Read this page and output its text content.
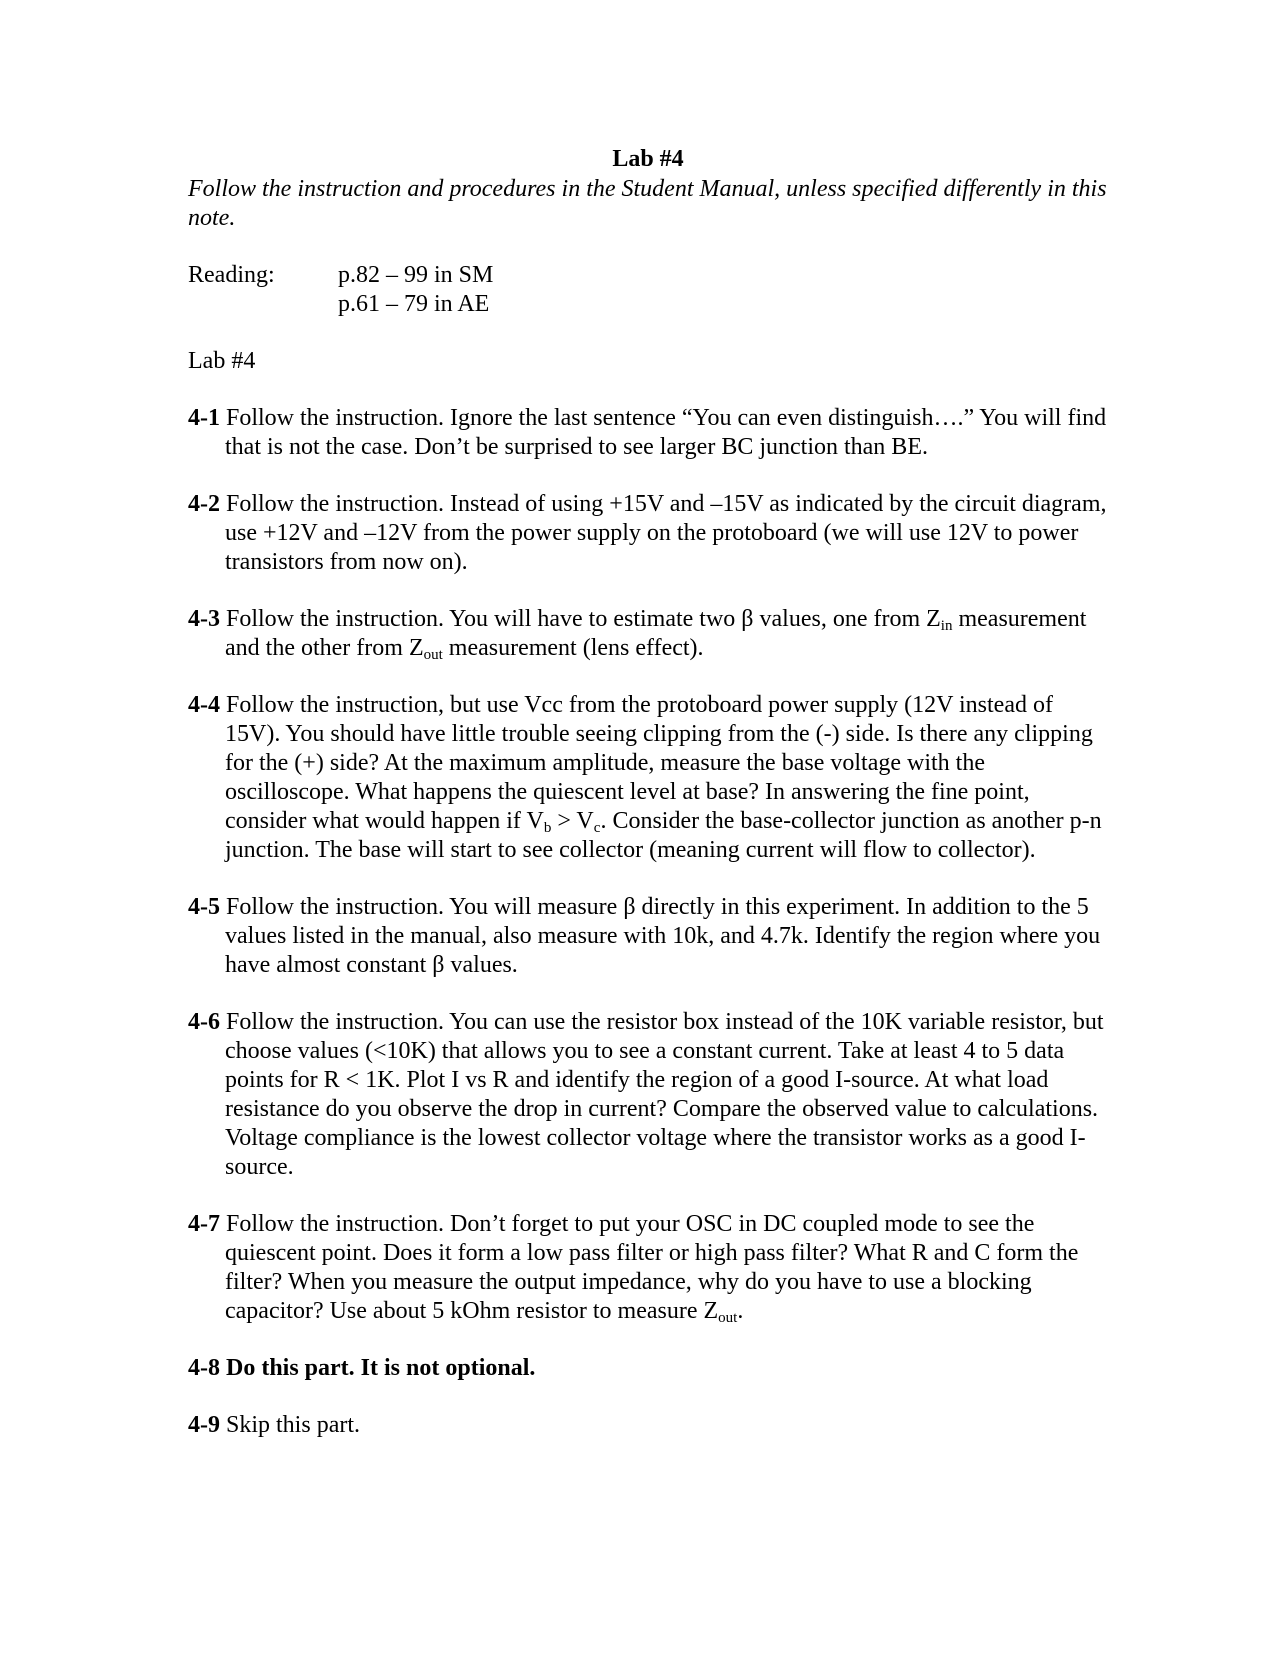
Lab #4
Follow the instruction and procedures in the Student Manual, unless specified differently in this note.
Reading:	p.82 – 99 in SM
p.61 – 79 in AE
Lab #4
4-1 Follow the instruction. Ignore the last sentence “You can even distinguish….” You will find that is not the case. Don’t be surprised to see larger BC junction than BE.
4-2 Follow the instruction. Instead of using +15V and –15V as indicated by the circuit diagram, use +12V and –12V from the power supply on the protoboard (we will use 12V to power transistors from now on).
4-3 Follow the instruction. You will have to estimate two β values, one from $Z_{in}$ measurement and the other from $Z_{out}$ measurement (lens effect).
4-4 Follow the instruction, but use Vcc from the protoboard power supply (12V instead of 15V). You should have little trouble seeing clipping from the (-) side. Is there any clipping for the (+) side? At the maximum amplitude, measure the base voltage with the oscilloscope. What happens the quiescent level at base? In answering the fine point, consider what would happen if $V_b > V_c$. Consider the base-collector junction as another p-n junction. The base will start to see collector (meaning current will flow to collector).
4-5 Follow the instruction. You will measure β directly in this experiment. In addition to the 5 values listed in the manual, also measure with 10k, and 4.7k. Identify the region where you have almost constant β values.
4-6 Follow the instruction. You can use the resistor box instead of the 10K variable resistor, but choose values (<10K) that allows you to see a constant current. Take at least 4 to 5 data points for R < 1K. Plot I vs R and identify the region of a good I-source. At what load resistance do you observe the drop in current? Compare the observed value to calculations. Voltage compliance is the lowest collector voltage where the transistor works as a good I-source.
4-7 Follow the instruction. Don’t forget to put your OSC in DC coupled mode to see the quiescent point. Does it form a low pass filter or high pass filter? What R and C form the filter? When you measure the output impedance, why do you have to use a blocking capacitor? Use about 5 kOhm resistor to measure $Z_{out}$.
4-8 Do this part. It is not optional.
4-9 Skip this part.
